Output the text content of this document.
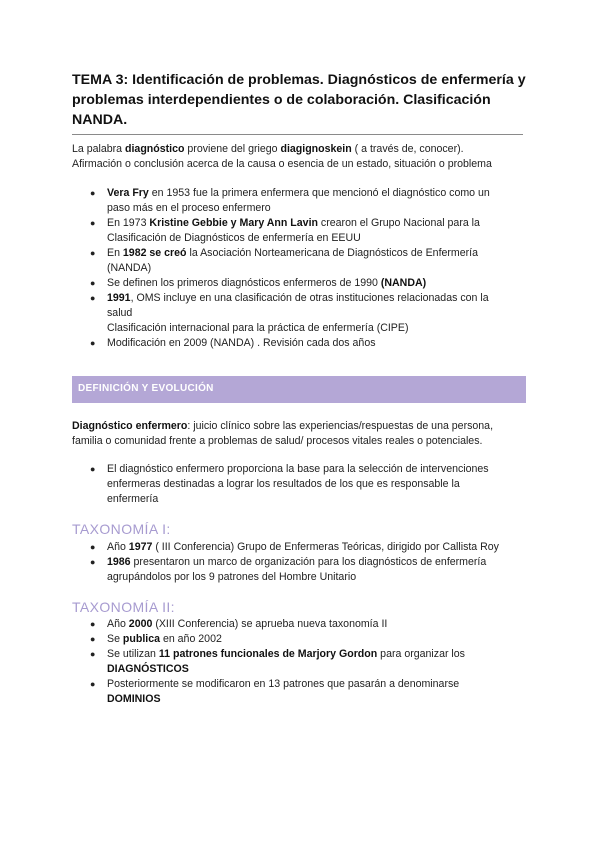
TEMA 3: Identificación de problemas. Diagnósticos de enfermería y
problemas interdependientes o de colaboración. Clasificación
NANDA.
La palabra diagnóstico proviene del griego diagignoskein ( a través de, conocer).
Afirmación o conclusión acerca de la causa o esencia de un estado, situación o problema
● Vera Fry en 1953 fue la primera enfermera que mencionó el diagnóstico como un
paso más en el proceso enfermero
● En 1973 Kristine Gebbie y Mary Ann Lavin crearon el Grupo Nacional para la
Clasificación de Diagnósticos de enfermería en EEUU
● En 1982 se creó la Asociación Norteamericana de Diagnósticos de Enfermería
(NANDA)
● Se definen los primeros diagnósticos enfermeros de 1990 (NANDA)
● 1991, OMS incluye en una clasificación de otras instituciones relacionadas con la
salud
Clasificación internacional para la práctica de enfermería (CIPE)
● Modificación en 2009 (NANDA) . Revisión cada dos años
DEFINICIÓN Y EVOLUCIÓN
Diagnóstico enfermero: juicio clínico sobre las experiencias/respuestas de una persona,
familia o comunidad frente a problemas de salud/ procesos vitales reales o potenciales.
● El diagnóstico enfermero proporciona la base para la selección de intervenciones
enfermeras destinadas a lograr los resultados de los que es responsable la
enfermería
TAXONOMÍA I:
● Año 1977 ( III Conferencia) Grupo de Enfermeras Teóricas, dirigido por Callista Roy
● 1986 presentaron un marco de organización para los diagnósticos de enfermería
agrupándolos por los 9 patrones del Hombre Unitario
TAXONOMÍA II:
● Año 2000 (XIII Conferencia) se aprueba nueva taxonomía II
● Se publica en año 2002
● Se utilizan 11 patrones funcionales de Marjory Gordon para organizar los
DIAGNÓSTICOS
● Posteriormente se modificaron en 13 patrones que pasarán a denominarse
DOMINIOS
